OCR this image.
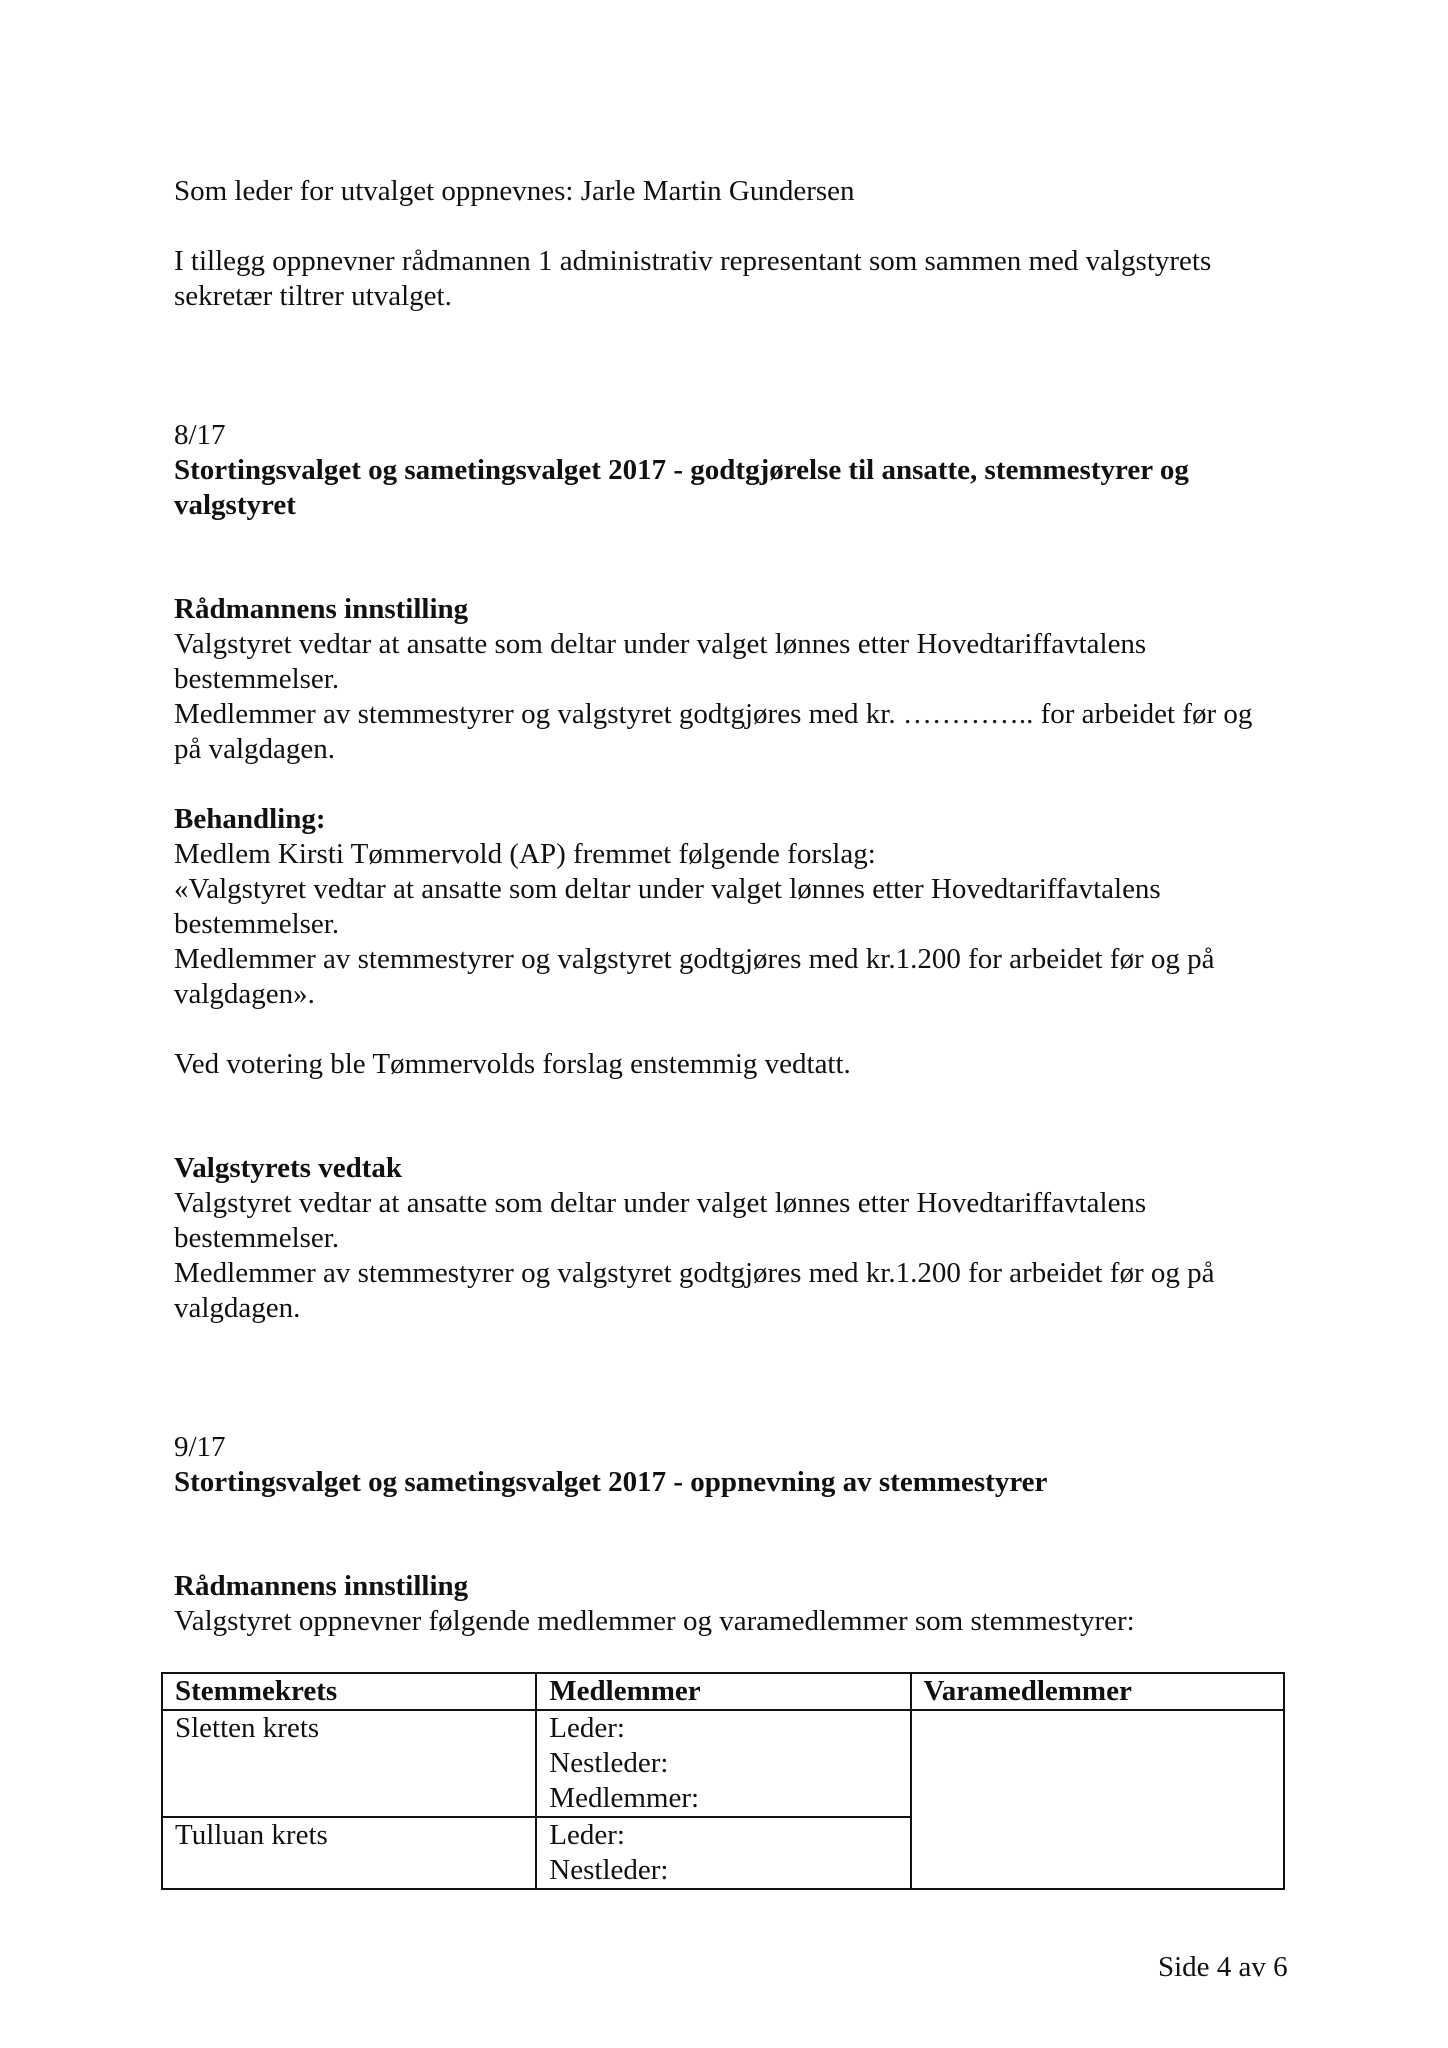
Som leder for utvalget oppnevnes: Jarle Martin Gundersen
I tillegg oppnevner rådmannen 1 administrativ representant som sammen med valgstyrets
sekretær tiltrer utvalget.
8/17
Stortingsvalget og sametingsvalget 2017 - godtgjørelse til ansatte, stemmestyrer og
valgstyret
Rådmannens innstilling
Valgstyret vedtar at ansatte som deltar under valget lønnes etter Hovedtariffavtalens
bestemmelser.
Medlemmer av stemmestyrer og valgstyret godtgjøres med kr. ………….. for arbeidet før og
på valgdagen.
Behandling:
Medlem Kirsti Tømmervold (AP) fremmet følgende forslag:
«Valgstyret vedtar at ansatte som deltar under valget lønnes etter Hovedtariffavtalens
bestemmelser.
Medlemmer av stemmestyrer og valgstyret godtgjøres med kr.1.200 for arbeidet før og på
valgdagen».
Ved votering ble Tømmervolds forslag enstemmig vedtatt.
Valgstyrets vedtak
Valgstyret vedtar at ansatte som deltar under valget lønnes etter Hovedtariffavtalens
bestemmelser.
Medlemmer av stemmestyrer og valgstyret godtgjøres med kr.1.200 for arbeidet før og på
valgdagen.
9/17
Stortingsvalget og sametingsvalget 2017 - oppnevning av stemmestyrer
Rådmannens innstilling
Valgstyret oppnevner følgende medlemmer og varamedlemmer som stemmestyrer:
Stemmekrets	Medlemmer	Varamedlemmer
Sletten krets	Leder:
Nestleder:
Medlemmer:	

Tulluan krets	Leder:
Nestleder:	
Side 4 av 6
